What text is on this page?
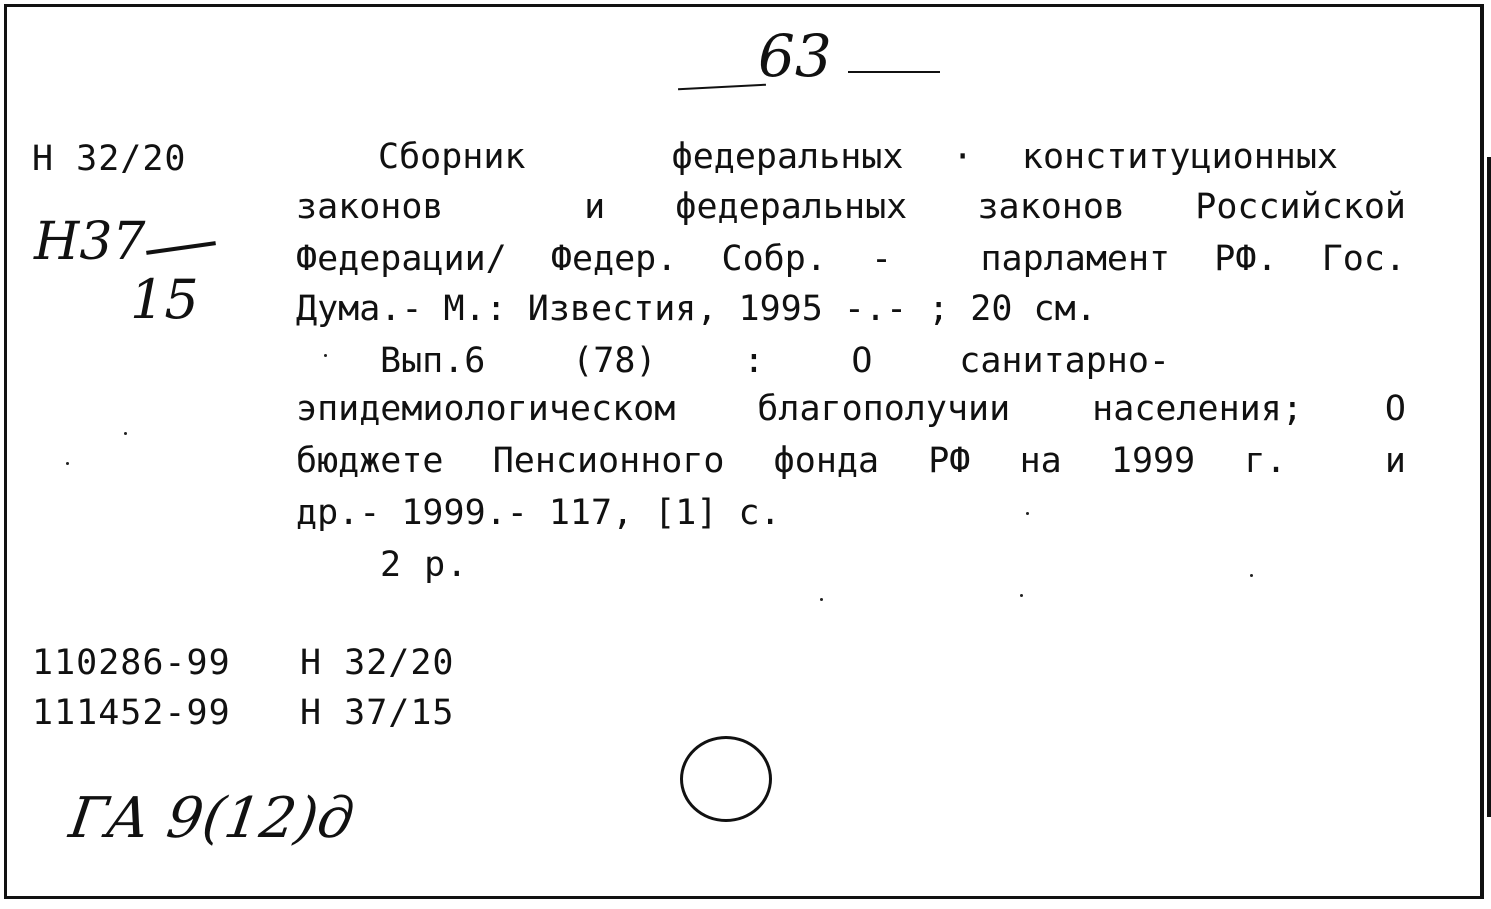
63
Н 32/20
Н37
15
Сборник   федеральных · конституционных
законов  и федеральных законов Российской
Федерации/ Федер. Собр. -  парламент РФ. Гос.
Дума.- М.: Известия, 1995 -.- ; 20 см.
Вып.6   (78)   :   О   санитарно-
эпидемиологическом благополучии населения; О
бюджете Пенсионного фонда РФ на 1999 г.  и
др.- 1999.- 117, [1] с.
2 р.
110286-99 Н 32/20
111452-99 Н 37/15
ГА 9(12)д
